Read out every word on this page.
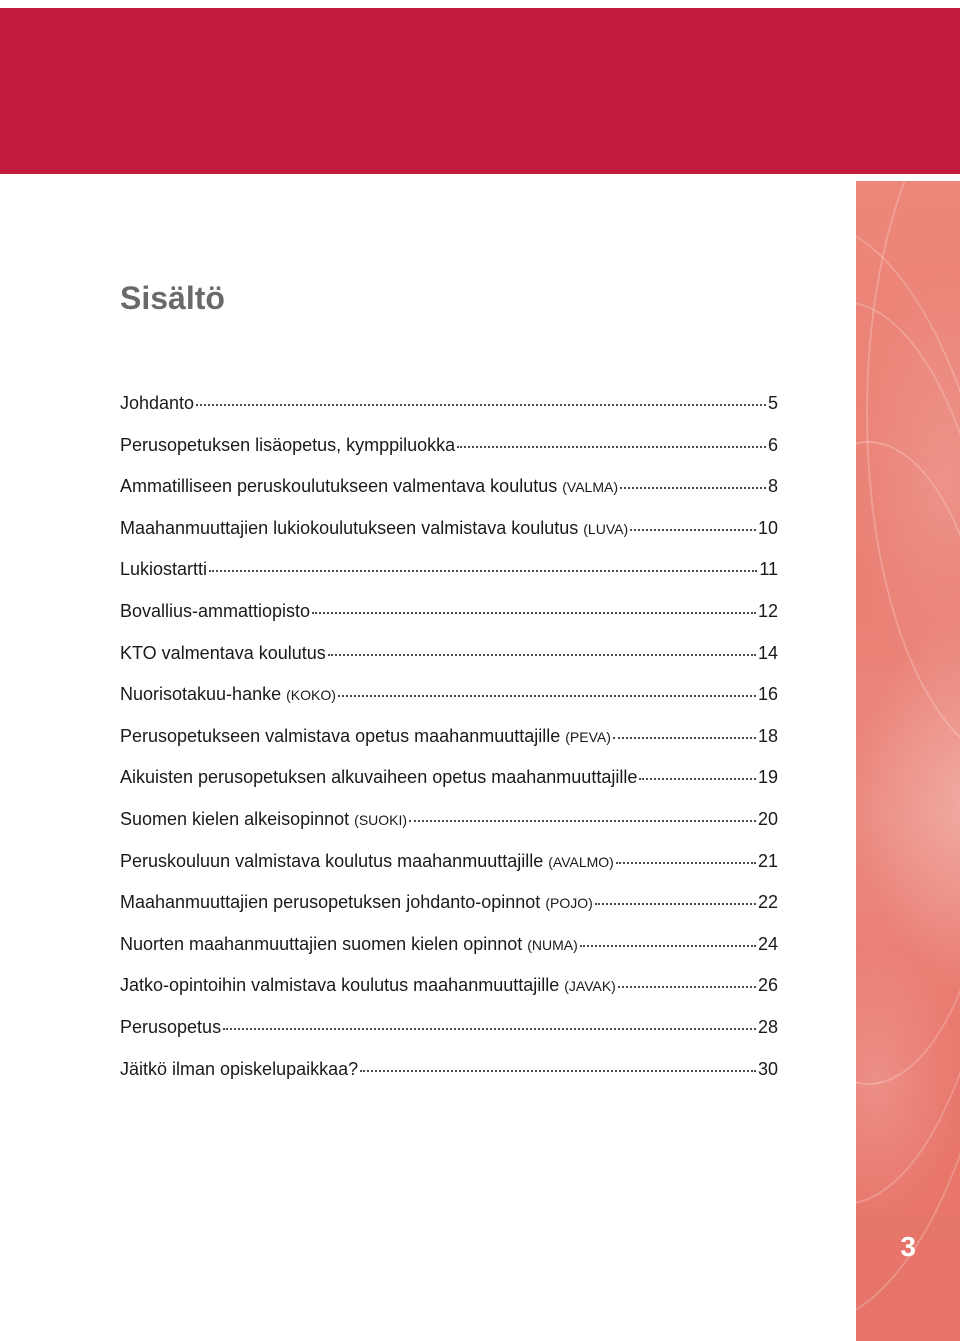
3
Sisältö
Johdanto	5
Perusopetuksen lisäopetus, kymppiluokka	6
Ammatilliseen peruskoulutukseen valmentava koulutus (VALMA)	8
Maahanmuuttajien lukiokoulutukseen valmistava koulutus (LUVA)	10
Lukiostartti	11
Bovallius-ammattiopisto	12
KTO valmentava koulutus	14
Nuorisotakuu-hanke (KOKO)	16
Perusopetukseen valmistava opetus maahanmuuttajille (PEVA)	18
Aikuisten perusopetuksen alkuvaiheen opetus maahanmuuttajille	19
Suomen kielen alkeisopinnot (SUOKI)	20
Peruskouluun valmistava koulutus maahanmuuttajille (AVALMO)	21
Maahanmuuttajien perusopetuksen johdanto-opinnot (POJO)	22
Nuorten maahanmuuttajien suomen kielen opinnot (NUMA)	24
Jatko-opintoihin valmistava koulutus maahanmuuttajille (JAVAK)	26
Perusopetus	28
Jäitkö ilman opiskelupaikkaa?	30
